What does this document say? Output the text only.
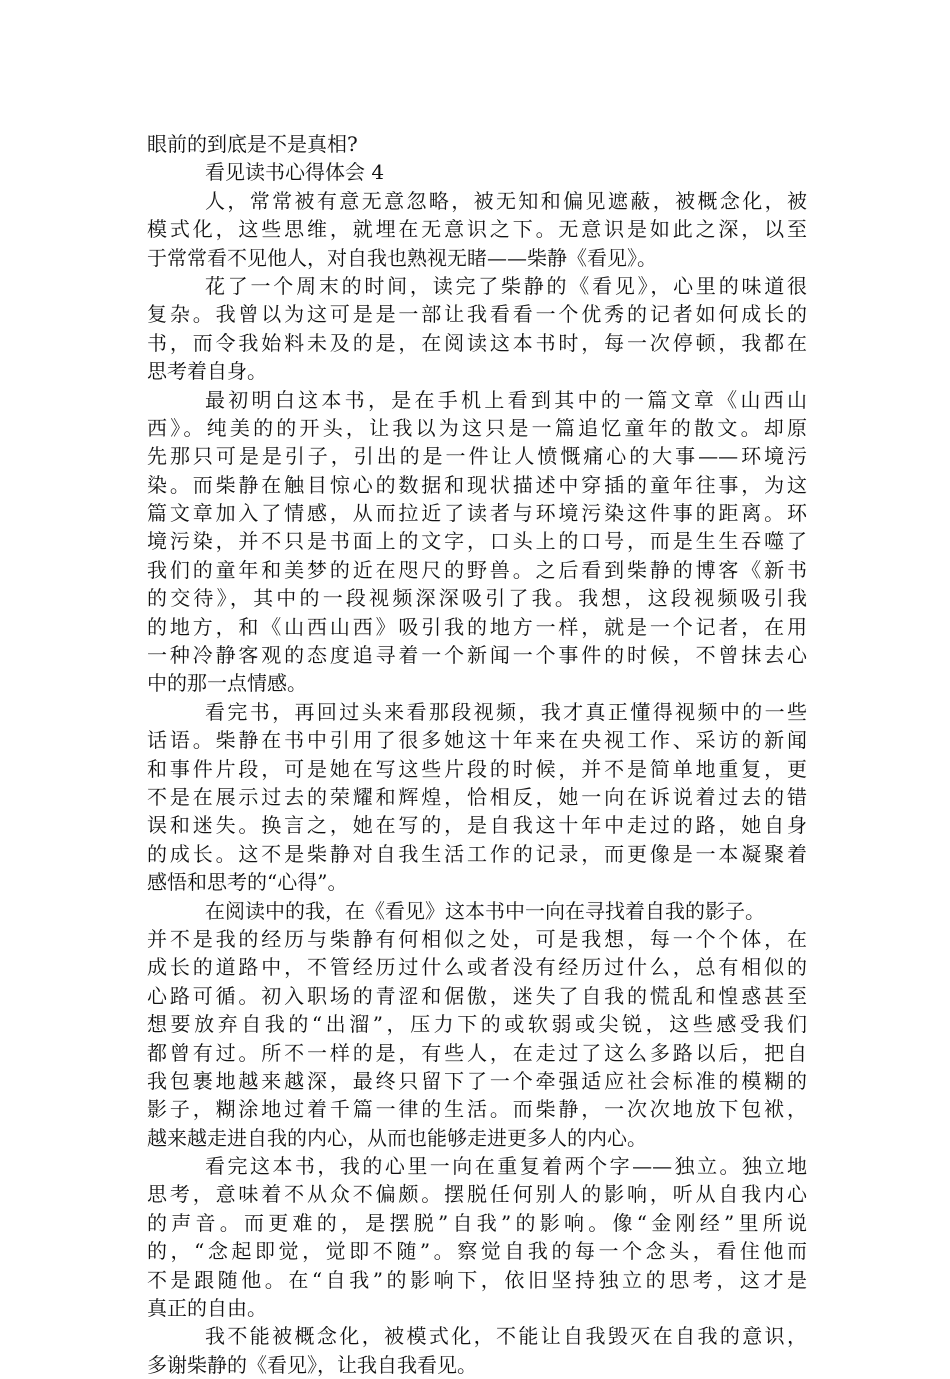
眼前的到底是不是真相?
看见读书心得体会 4
人，常常被有意无意忽略，被无知和偏见遮蔽，被概念化，被
模式化，这些思维，就埋在无意识之下。无意识是如此之深，以至
于常常看不见他人，对自我也熟视无睹——柴静《看见》。
花了一个周末的时间，读完了柴静的《看见》，心里的味道很
复杂。我曾以为这可是是一部让我看看一个优秀的记者如何成长的
书，而令我始料未及的是，在阅读这本书时，每一次停顿，我都在
思考着自身。
最初明白这本书，是在手机上看到其中的一篇文章《山西山
西》。纯美的的开头，让我以为这只是一篇追忆童年的散文。却原
先那只可是是引子，引出的是一件让人愤慨痛心的大事——环境污
染。而柴静在触目惊心的数据和现状描述中穿插的童年往事，为这
篇文章加入了情感，从而拉近了读者与环境污染这件事的距离。环
境污染，并不只是书面上的文字，口头上的口号，而是生生吞噬了
我们的童年和美梦的近在咫尺的野兽。之后看到柴静的博客《新书
的交待》，其中的一段视频深深吸引了我。我想，这段视频吸引我
的地方，和《山西山西》吸引我的地方一样，就是一个记者，在用
一种冷静客观的态度追寻着一个新闻一个事件的时候，不曾抹去心
中的那一点情感。
看完书，再回过头来看那段视频，我才真正懂得视频中的一些
话语。柴静在书中引用了很多她这十年来在央视工作、采访的新闻
和事件片段，可是她在写这些片段的时候，并不是简单地重复，更
不是在展示过去的荣耀和辉煌，恰相反，她一向在诉说着过去的错
误和迷失。换言之，她在写的，是自我这十年中走过的路，她自身
的成长。这不是柴静对自我生活工作的记录，而更像是一本凝聚着
感悟和思考的“心得”。
在阅读中的我，在《看见》这本书中一向在寻找着自我的影子。
并不是我的经历与柴静有何相似之处，可是我想，每一个个体，在
成长的道路中，不管经历过什么或者没有经历过什么，总有相似的
心路可循。初入职场的青涩和倨傲，迷失了自我的慌乱和惶惑甚至
想要放弃自我的“出溜”，压力下的或软弱或尖锐，这些感受我们
都曾有过。所不一样的是，有些人，在走过了这么多路以后，把自
我包裹地越来越深，最终只留下了一个牵强适应社会标准的模糊的
影子，糊涂地过着千篇一律的生活。而柴静，一次次地放下包袱，
越来越走进自我的内心，从而也能够走进更多人的内心。
看完这本书，我的心里一向在重复着两个字——独立。独立地
思考，意味着不从众不偏颇。摆脱任何别人的影响，听从自我内心
的声音。而更难的，是摆脱”自我”的影响。像“金刚经”里所说
的，“念起即觉，觉即不随”。察觉自我的每一个念头，看住他而
不是跟随他。在“自我”的影响下，依旧坚持独立的思考，这才是
真正的自由。
我不能被概念化，被模式化，不能让自我毁灭在自我的意识，
多谢柴静的《看见》，让我自我看见。
